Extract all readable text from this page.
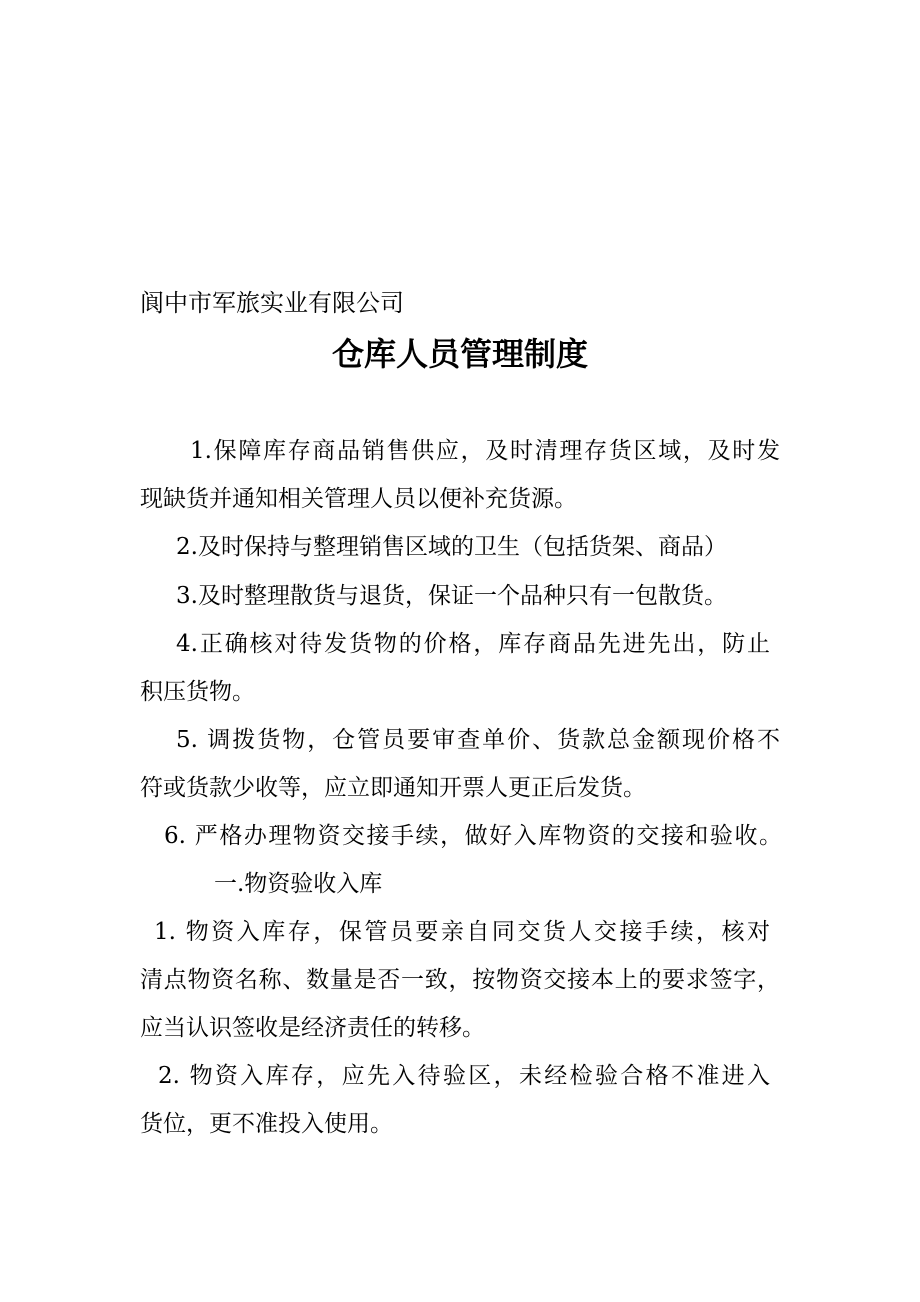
阆中市军旅实业有限公司
仓库人员管理制度
1.保障库存商品销售供应，及时清理存货区域，及时发
现缺货并通知相关管理人员以便补充货源。
2.及时保持与整理销售区域的卫生（包括货架、商品）
3.及时整理散货与退货，保证一个品种只有一包散货。
4.正确核对待发货物的价格，库存商品先进先出，防止
积压货物。
5. 调拨货物，仓管员要审查单价、货款总金额现价格不
符或货款少收等，应立即通知开票人更正后发货。
6. 严格办理物资交接手续，做好入库物资的交接和验收。
一.物资验收入库
1. 物资入库存，保管员要亲自同交货人交接手续，核对
清点物资名称、数量是否一致，按物资交接本上的要求签字，
应当认识签收是经济责任的转移。
2. 物资入库存，应先入待验区，未经检验合格不准进入
货位，更不准投入使用。
